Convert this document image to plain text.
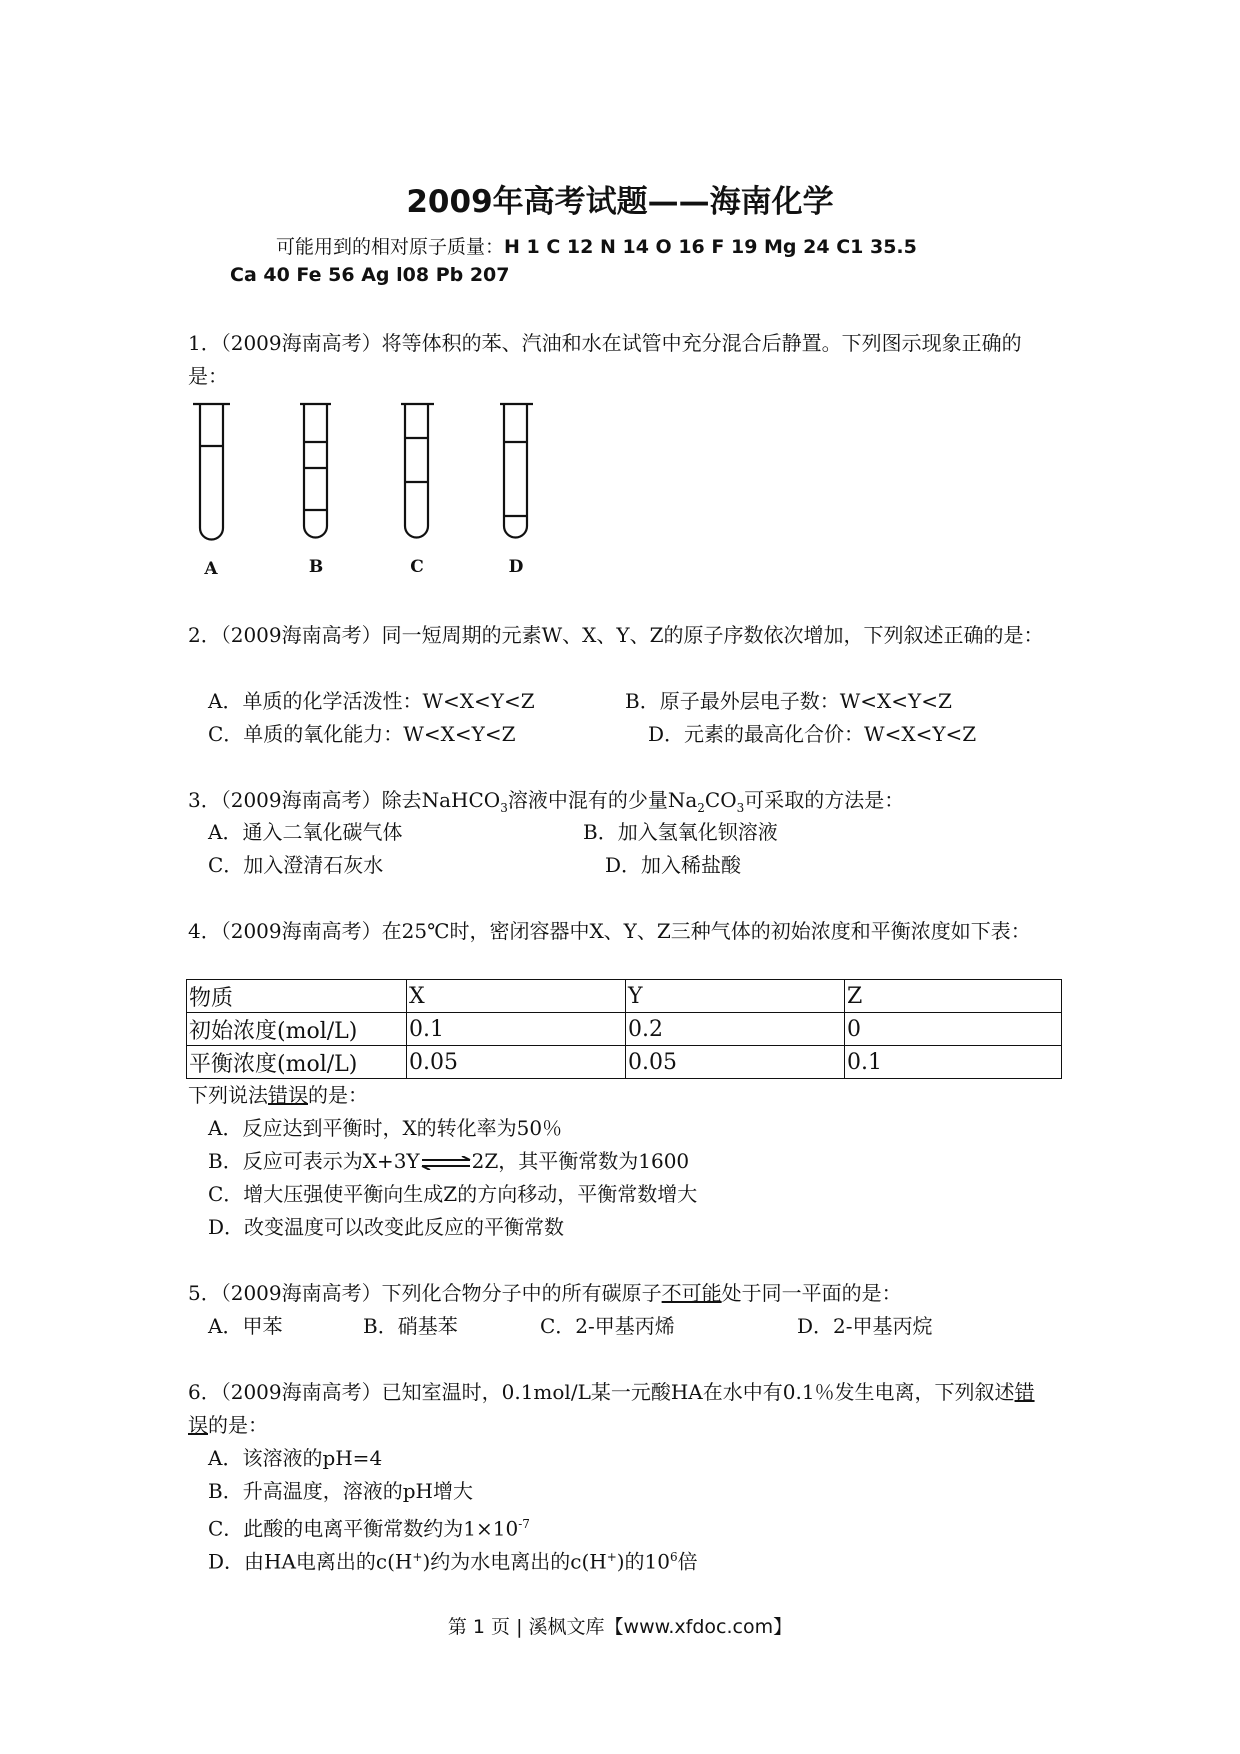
2009年高考试题——海南化学
可能用到的相对原子质量：H 1 C 12 N 14 O 16 F 19 Mg 24 C1 35.5
Ca 40 Fe 56 Ag l08 Pb 207
1．（2009海南高考）将等体积的苯、汽油和水在试管中充分混合后静置。下列图示现象正确的是：
A	B	C	D
2．（2009海南高考）同一短周期的元素W、X、Y、Z的原子序数依次增加，下列叙述正确的是：
A．单质的化学活泼性：W<X<Y<Z	B．原子最外层电子数：W<X<Y<Z
C．单质的氧化能力：W<X<Y<Z	D．元素的最高化合价：W<X<Y<Z
3．（2009海南高考）除去NaHCO$_3$溶液中混有的少量$Na_2CO_3$可采取的方法是：
A．通入二氧化碳气体	B．加入氢氧化钡溶液
C．加入澄清石灰水	D．加入稀盐酸
4．（2009海南高考）在25℃时，密闭容器中X、Y、Z三种气体的初始浓度和平衡浓度如下表：
物质	X	Y	Z
初始浓度(mol/L)	0.1	0.2	0
平衡浓度(mol/L)	0.05	0.05	0.1
下列说法错误的是：
A．反应达到平衡时，X的转化率为50％
B．反应可表示为X+3Y⇌2Z，其平衡常数为1600
C．增大压强使平衡向生成Z的方向移动，平衡常数增大
D．改变温度可以改变此反应的平衡常数
5．（2009海南高考）下列化合物分子中的所有碳原子不可能处于同一平面的是：
A．甲苯	B．硝基苯	C．2-甲基丙烯	D．2-甲基丙烷
6．（2009海南高考）已知室温时，0.1mol/L某一元酸HA在水中有0.1％发生电离，下列叙述错误的是：
A．该溶液的pH=4
B．升高温度，溶液的pH增大
C．此酸的电离平衡常数约为$1\times 10^{-7}$
D．由HA电离出的c(H+)约为水电离出的c(H+)的$10^6$倍
第 1 页 | 溪枫文库【www.xfdoc.com】
